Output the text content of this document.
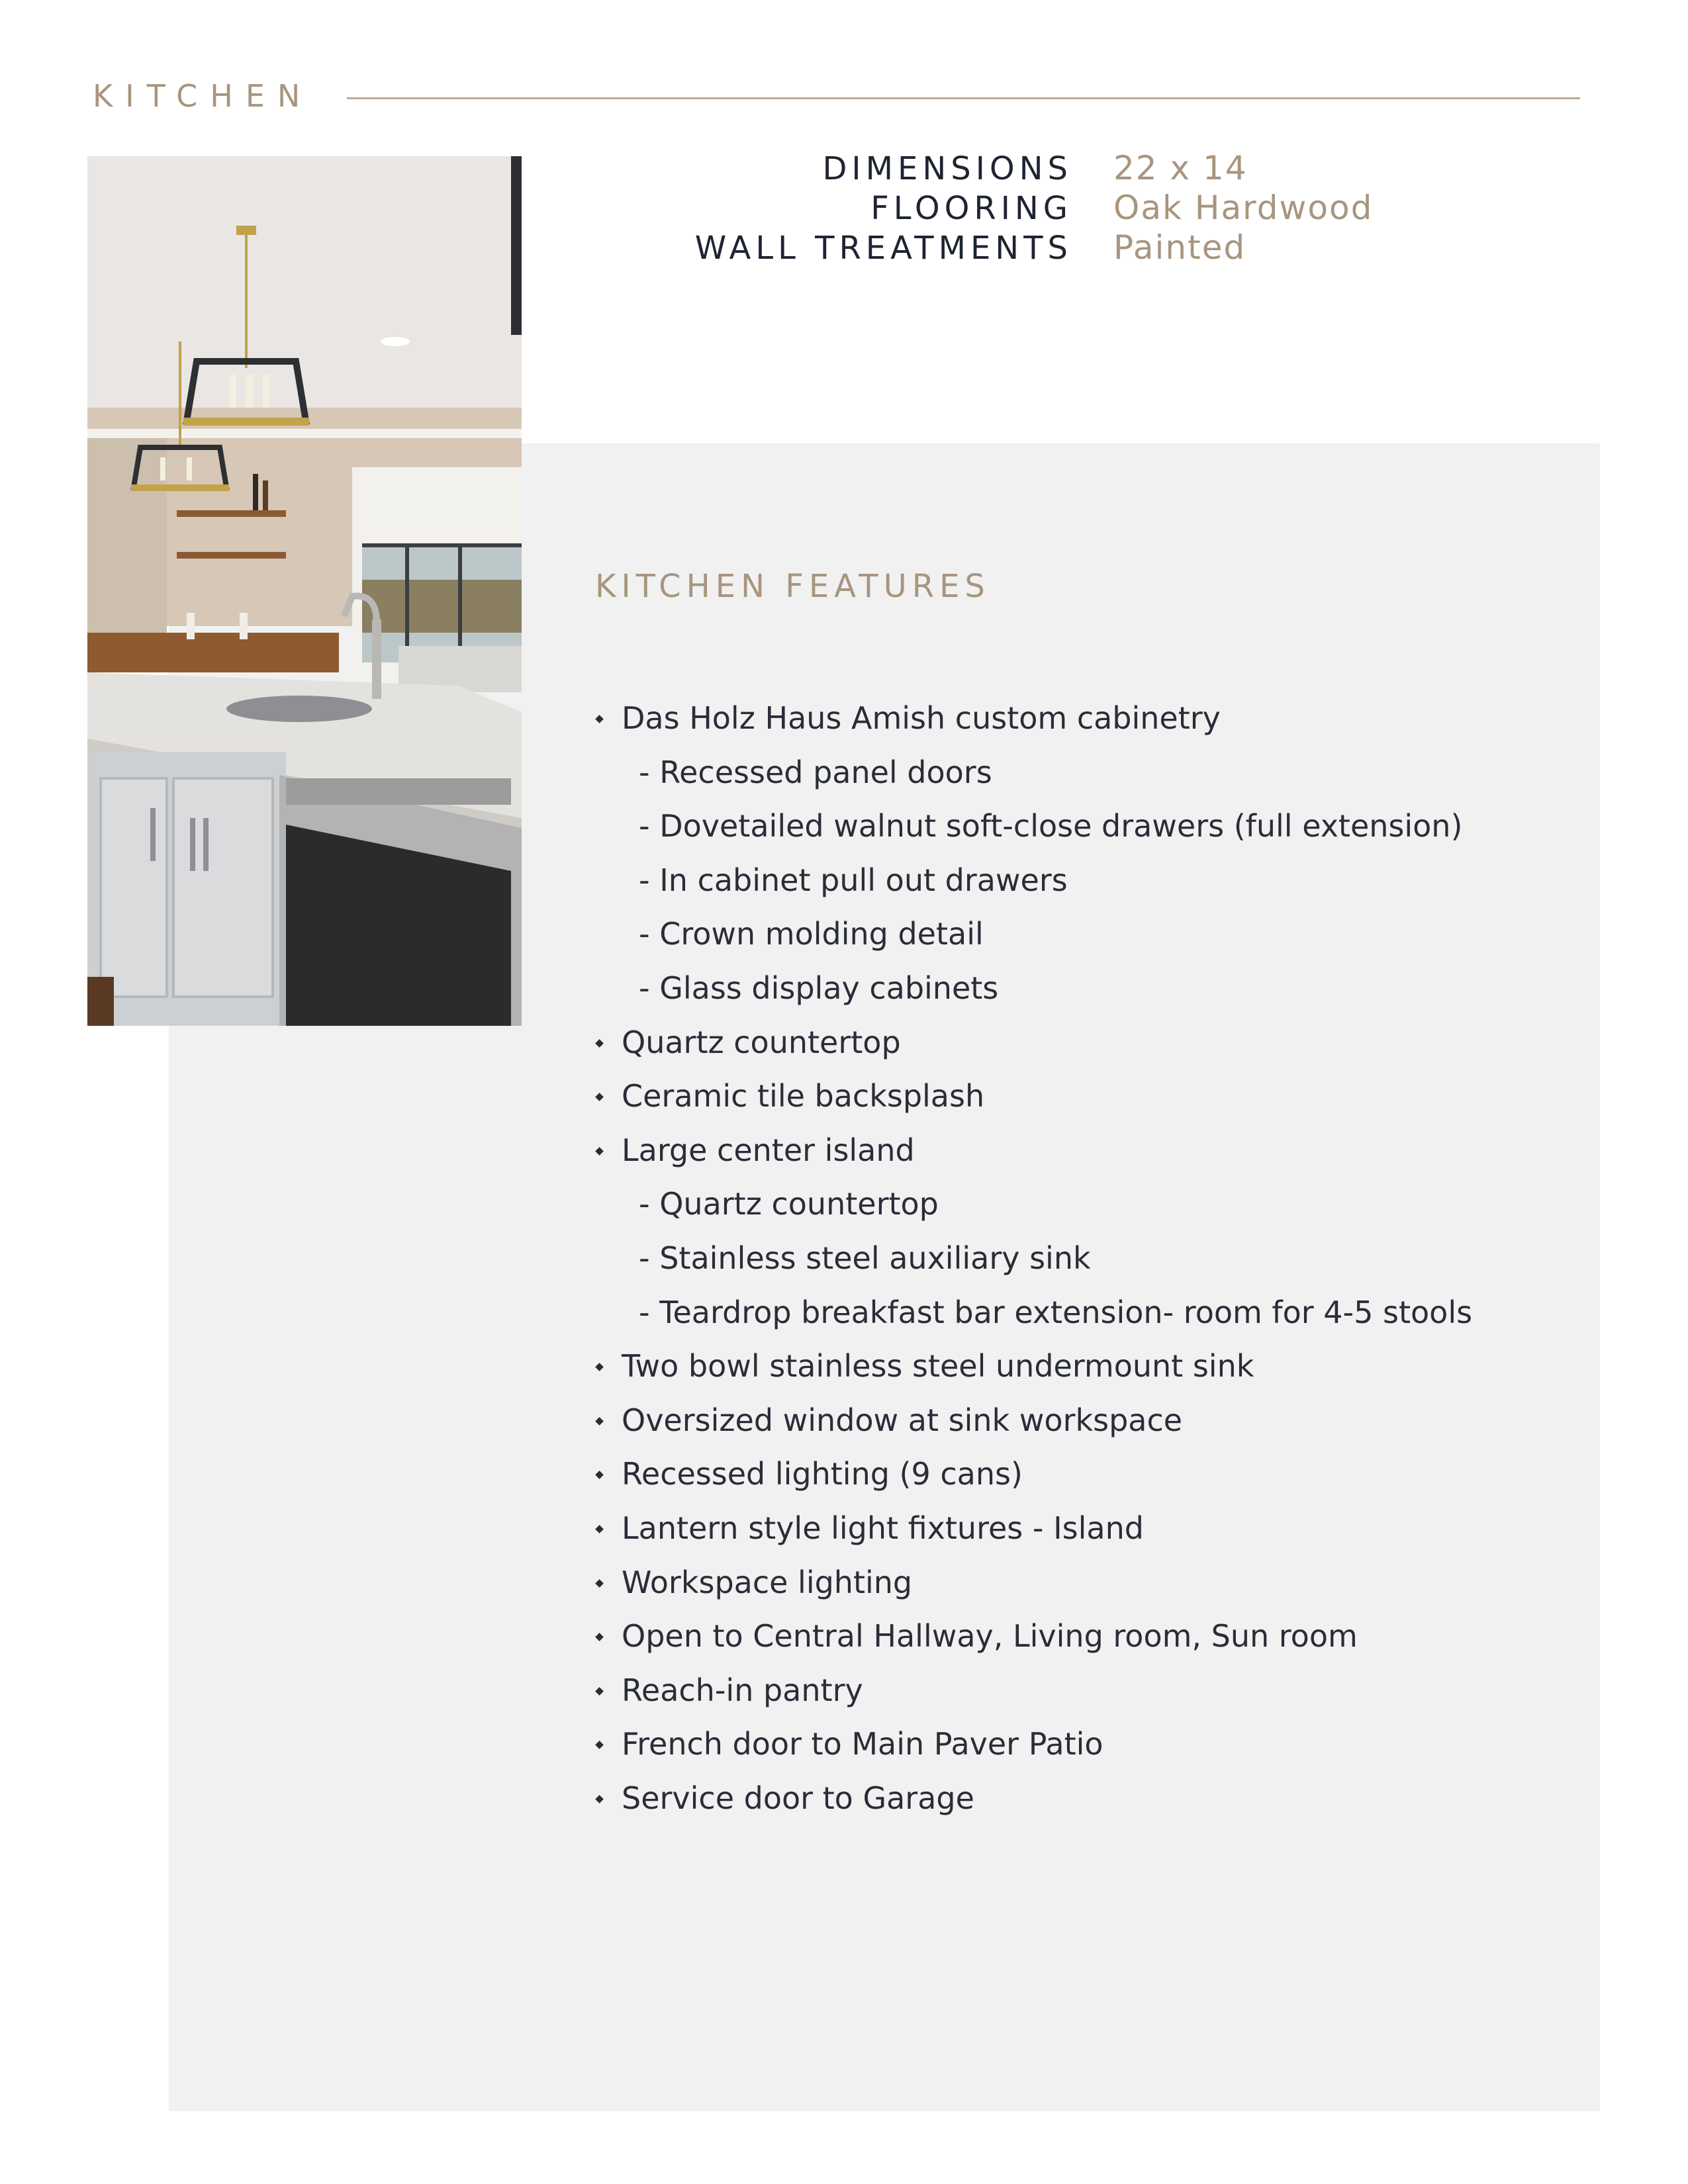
KITCHEN
DIMENSIONS 22 x 14
FLOORING Oak Hardwood
WALL TREATMENTS Painted
KITCHEN FEATURES
Das Holz Haus Amish custom cabinetry
- Recessed panel doors
- Dovetailed walnut soft-close drawers (full extension)
- In cabinet pull out drawers
- Crown molding detail
- Glass display cabinets
Quartz countertop
Ceramic tile backsplash
Large center island
- Quartz countertop
- Stainless steel auxiliary sink
- Teardrop breakfast bar extension- room for 4-5 stools
Two bowl stainless steel undermount sink
Oversized window at sink workspace
Recessed lighting (9 cans)
Lantern style light fixtures - Island
Workspace lighting
Open to Central Hallway, Living room, Sun room
Reach-in pantry
French door to Main Paver Patio
Service door to Garage
